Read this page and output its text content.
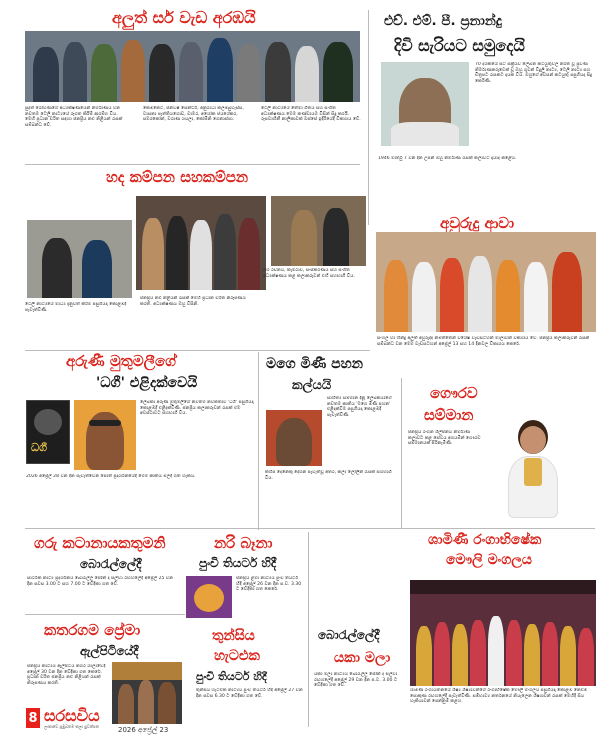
අලුත් සර් වැඩ අරඹයි
සුදත් රෝහණගේ අධ්‍යක්ෂණයෙන් නිර්මාණය වන නවතම ටෙලි නාට්‍යයේ රූගත කිරීම් ආරම්භ විය. මෙහි ප්‍රධාන චරිත සඳහා ජනප්‍රිය නළු නිළියන් රැසක් සම්බන්ධ වේ.
කෙමිකෙට, ජනිවිෂ් සෙන්ට්රී, අනුරාධා කලම්බුවැස්ස, වාසනා පැත්තියගොඩ, චාමර, අශෝක ජයශේකර, සමරකෝන්, වරාණ ශයලා, කෝමිනි ගෙනාස්පා.
ටෙලි නාට්‍යයේ තේමා ගීතය සහ සංගීත අධ්‍යක්ෂණය මෙම කණ්ඩායම විසින් සිදු කරයි. රූපවාහිනී නාලිකාවක් ඔස්සේ ඉදිරියේදී විකාශය වේ.
එච්. එම්. පී. ප්‍රනාන්දු
දිවි සැරියට සමුදෙයි
70 දශකයේ සිට සක්‍රීයව ලේඛන කටයුතුවල නිරත වූ ප්‍රවීණ නිර්මාණකරුවෙක් වූ ඔහු ගුවන් විදුලි නාට්‍ය, ටෙලි නාට්‍ය සහ චිත්‍රපට රැසකට දායක විය. ඔහුගේ අවසන් කටයුතු පසුගියදා සිදු කෙරිණි.
1946 මාර්තු 7 වන දින උපන් ඔහු නිර්මාණ රැසක් කලාවට දායාද කළේය.
හද කම්පන සහකම්පන
ටෙලි නාට්‍යයේ මාධ්‍ය දැනුවත් කිරීම පසුගියදා කොළඹදී පැවැත්විණි.
ජනප්‍රිය නළු නිළියන් රැසක් මෙහි ප්‍රධාන චරිත නිරූපණය කරති. අධ්‍යක්ෂණය ඔහු විසිනි.
තිර රචනය, කැමරාව, සංස්කරණය සහ සංගීත අධ්‍යක්ෂණය කළ කලාකරුවන් එහි සහභාගී විය.
අවුරුදු ආවා
සිංහල හා හින්දු අලුත් අවුරුද්ද නිමිත්තෙන් විශේෂ වැඩසටහන් මාලාවක් විකාශය වේ. ජනප්‍රිය කලාකරුවන් රැසක් සම්බන්ධ වන මෙම වැඩසටහන් අප්‍රේල් 13 සහ 14 දිනවල විකාශය කෙරේ.
අරුණී මුතුමලීගේ
'ධගී' එළිදක්වෙයි
ධගී
ලේඛිකා අරුණී මුතුමලීගේ නවතම නවකතාව 'ධගී' පසුගියදා කොළඹදී එළිදක්විණි. ජනප්‍රිය කලාකරුවන් රැසක් එම අවස්ථාවට සහභාගී විය.
2026 අප්‍රේල් 28 වන දින පැවැත්වෙන පොත් ප්‍රදර්ශනයේදී මෙම කෘතිය මිලදී ගත හැකිය.
මගෙ මිණී පහන
කල්යයි
සාහිත්‍ය සම්මාන දිනූ ලේඛකයාගේ නවතම කෘතිය 'මගෙ මිණී පහන' එළිදක්වීම පසුගියදා කොළඹදී පැවැත්විණි.
කිහිප දෙනෙකු දේශන පැවැත්වූ අතර, කලා ලෝලීන් රැසක් සහභාගී විය.
ගෞරව
සම්මාන
ජනප්‍රිය රංගන ශිල්පිනිය නිර්මාණ කලාවට කළ සේවය අගයමින් ගෞරව සම්මානයක් පිරිනැමිණි.
ගරු කටානායකතුමනි
බොරැල්ලේදී
සාර්ථක නාට්‍ය ප්‍රදර්ශනය බොරැල්ල ජෝන් ද සිල්වා රඟහලේදී අප්‍රේල් 25 වන දින සවස 3.00 ට සහ 7.00 ට වේදිකා ගත වේ.
නරි බෑනා
පුංචි තියටර් හිදී
ජනප්‍රිය ළමා නාට්‍යය පුංචි තියටර් හිදී අප්‍රේල් 26 වන දින ප.ව. 3.30 ට වේදිකා ගත කෙරේ.
ශාමිණී රංගාභිෂේක
මෞලි මංගලය
ශාමිණී රංගායතනයේ ශිෂ්‍ය ශිෂ්‍යාවන්ගේ රංගාභිෂේක මෞලි මංගලය පසුගියදා කොළඹ නෙළුම් පොකුණ රඟහලේදී පැවැත්විණි. සම්භාව්‍ය නර්තනයේ නියැලෙන ශිෂ්‍යාවන් රැසක් මෙහිදී සිය හැකියාවන් පෙන්නුම් කළහ.
කතරගම ප්‍රේමා
ඇල්පිටියේදී
ජනප්‍රිය නාට්‍යය ඇල්පිටිය නගර ශාලාවේදී අප්‍රේල් 30 වන දින වේදිකා ගත කෙරේ. ප්‍රධාන චරිත ජනප්‍රිය නළු නිළියන් රැසක් නිරූපණය කරති.
තුන්සිය
හැටඑක
පුංචි තියටර් හිදී
තුන්සිය හැටඑක නාට්‍යය පුංචි තියටර් හිදී අප්‍රේල් 27 වන දින සවස 6.30 ට වේදිකා ගත වේ.
බොරැල්ලේදී
යකා මලා
යකා මලා නාට්‍යය බොරැල්ල ජෝන් ද සිල්වා රඟහලේදී අප්‍රේල් 29 වන දින ප.ව. 3.00 ට වේදිකා ගත වේ.
8 සරසවිය
ලංකාවේ ප්‍රමුඛතම කලා පුවත්පත	2026 අප්‍රේල් 23
